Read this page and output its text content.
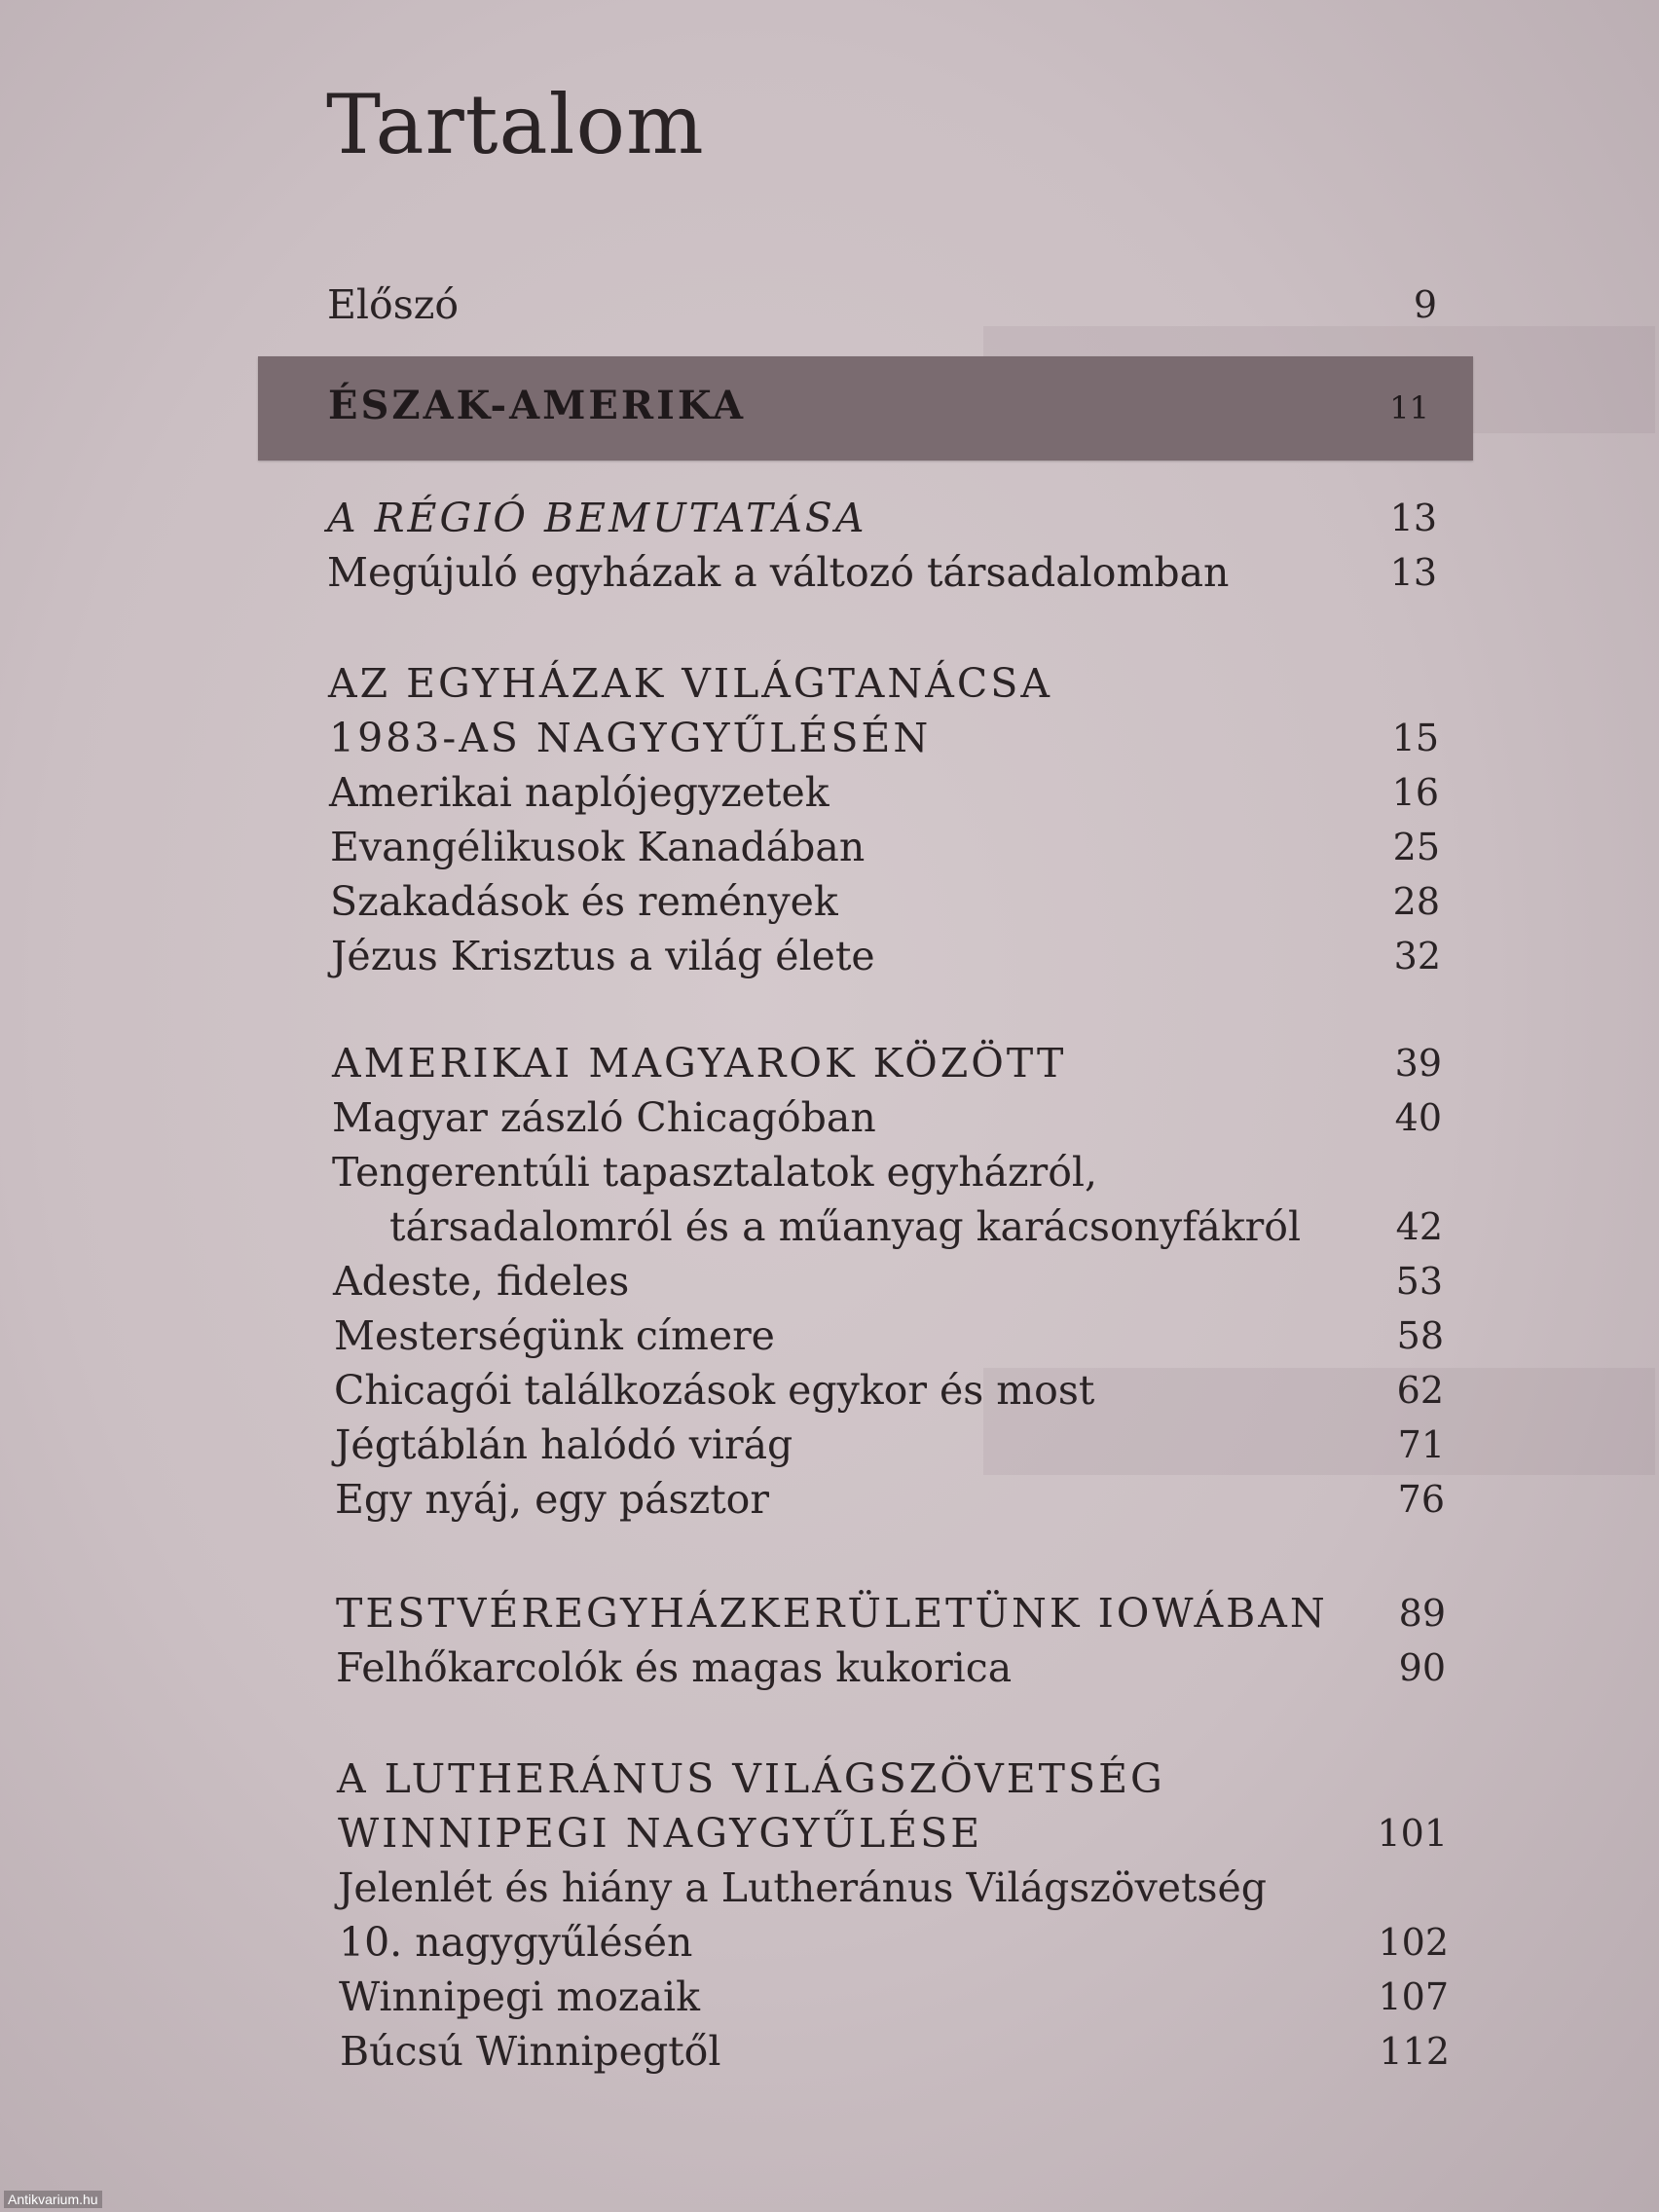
Tartalom
Előszó	9
ÉSZAK-AMERIKA	11
A RÉGIÓ BEMUTATÁSA	13
Megújuló egyházak a változó társadalomban	13
AZ EGYHÁZAK VILÁGTANÁCSA
1983-AS NAGYGYŰLÉSÉN	15
Amerikai naplójegyzetek	16
Evangélikusok Kanadában	25
Szakadások és remények	28
Jézus Krisztus a világ élete	32
AMERIKAI MAGYAROK KÖZÖTT	39
Magyar zászló Chicagóban	40
Tengerentúli tapasztalatok egyházról,
társadalomról és a műanyag karácsonyfákról	42
Adeste, fideles	53
Mesterségünk címere	58
Chicagói találkozások egykor és most	62
Jégtáblán halódó virág	71
Egy nyáj, egy pásztor	76
TESTVÉREGYHÁZKERÜLETÜNK IOWÁBAN 89
Felhőkarcolók és magas kukorica	90
A LUTHERÁNUS VILÁGSZÖVETSÉG
WINNIPEGI NAGYGYŰLÉSE	101
Jelenlét és hiány a Lutheránus Világszövetség
10. nagygyűlésén	102
Winnipegi mozaik	107
Búcsú Winnipegtől	112
Antikvarium.hu
